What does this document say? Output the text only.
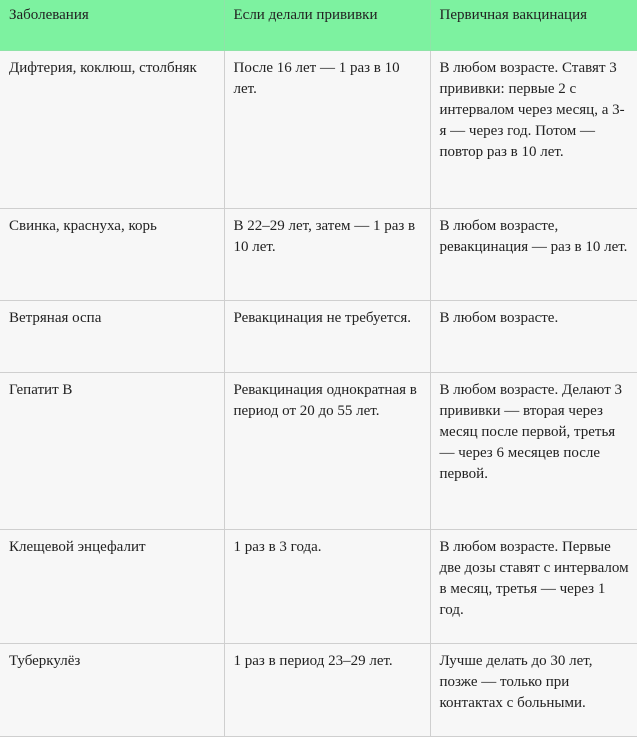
Заболевания	Если делали прививки	Первичная вакцинация
Дифтерия, коклюш, столбняк	После 16 лет — 1 раз в 10 лет.	В любом возрасте. Ставят 3 прививки: первые 2 с интервалом через месяц, а 3-я — через год. Потом — повтор раз в 10 лет.
Свинка, краснуха, корь	В 22–29 лет, затем — 1 раз в 10 лет.	В любом возрасте, ревакцинация — раз в 10 лет.
Ветряная оспа	Ревакцинация не требуется.	В любом возрасте.
Гепатит В	Ревакцинация однократная в период от 20 до 55 лет.	В любом возрасте. Делают 3 прививки — вторая через месяц после первой, третья — через 6 месяцев после первой.
Клещевой энцефалит	1 раз в 3 года.	В любом возрасте. Первые две дозы ставят с интервалом в месяц, третья — через 1 год.
Туберкулёз	1 раз в период 23–29 лет.	Лучше делать до 30 лет, позже — только при контактах с больными.
